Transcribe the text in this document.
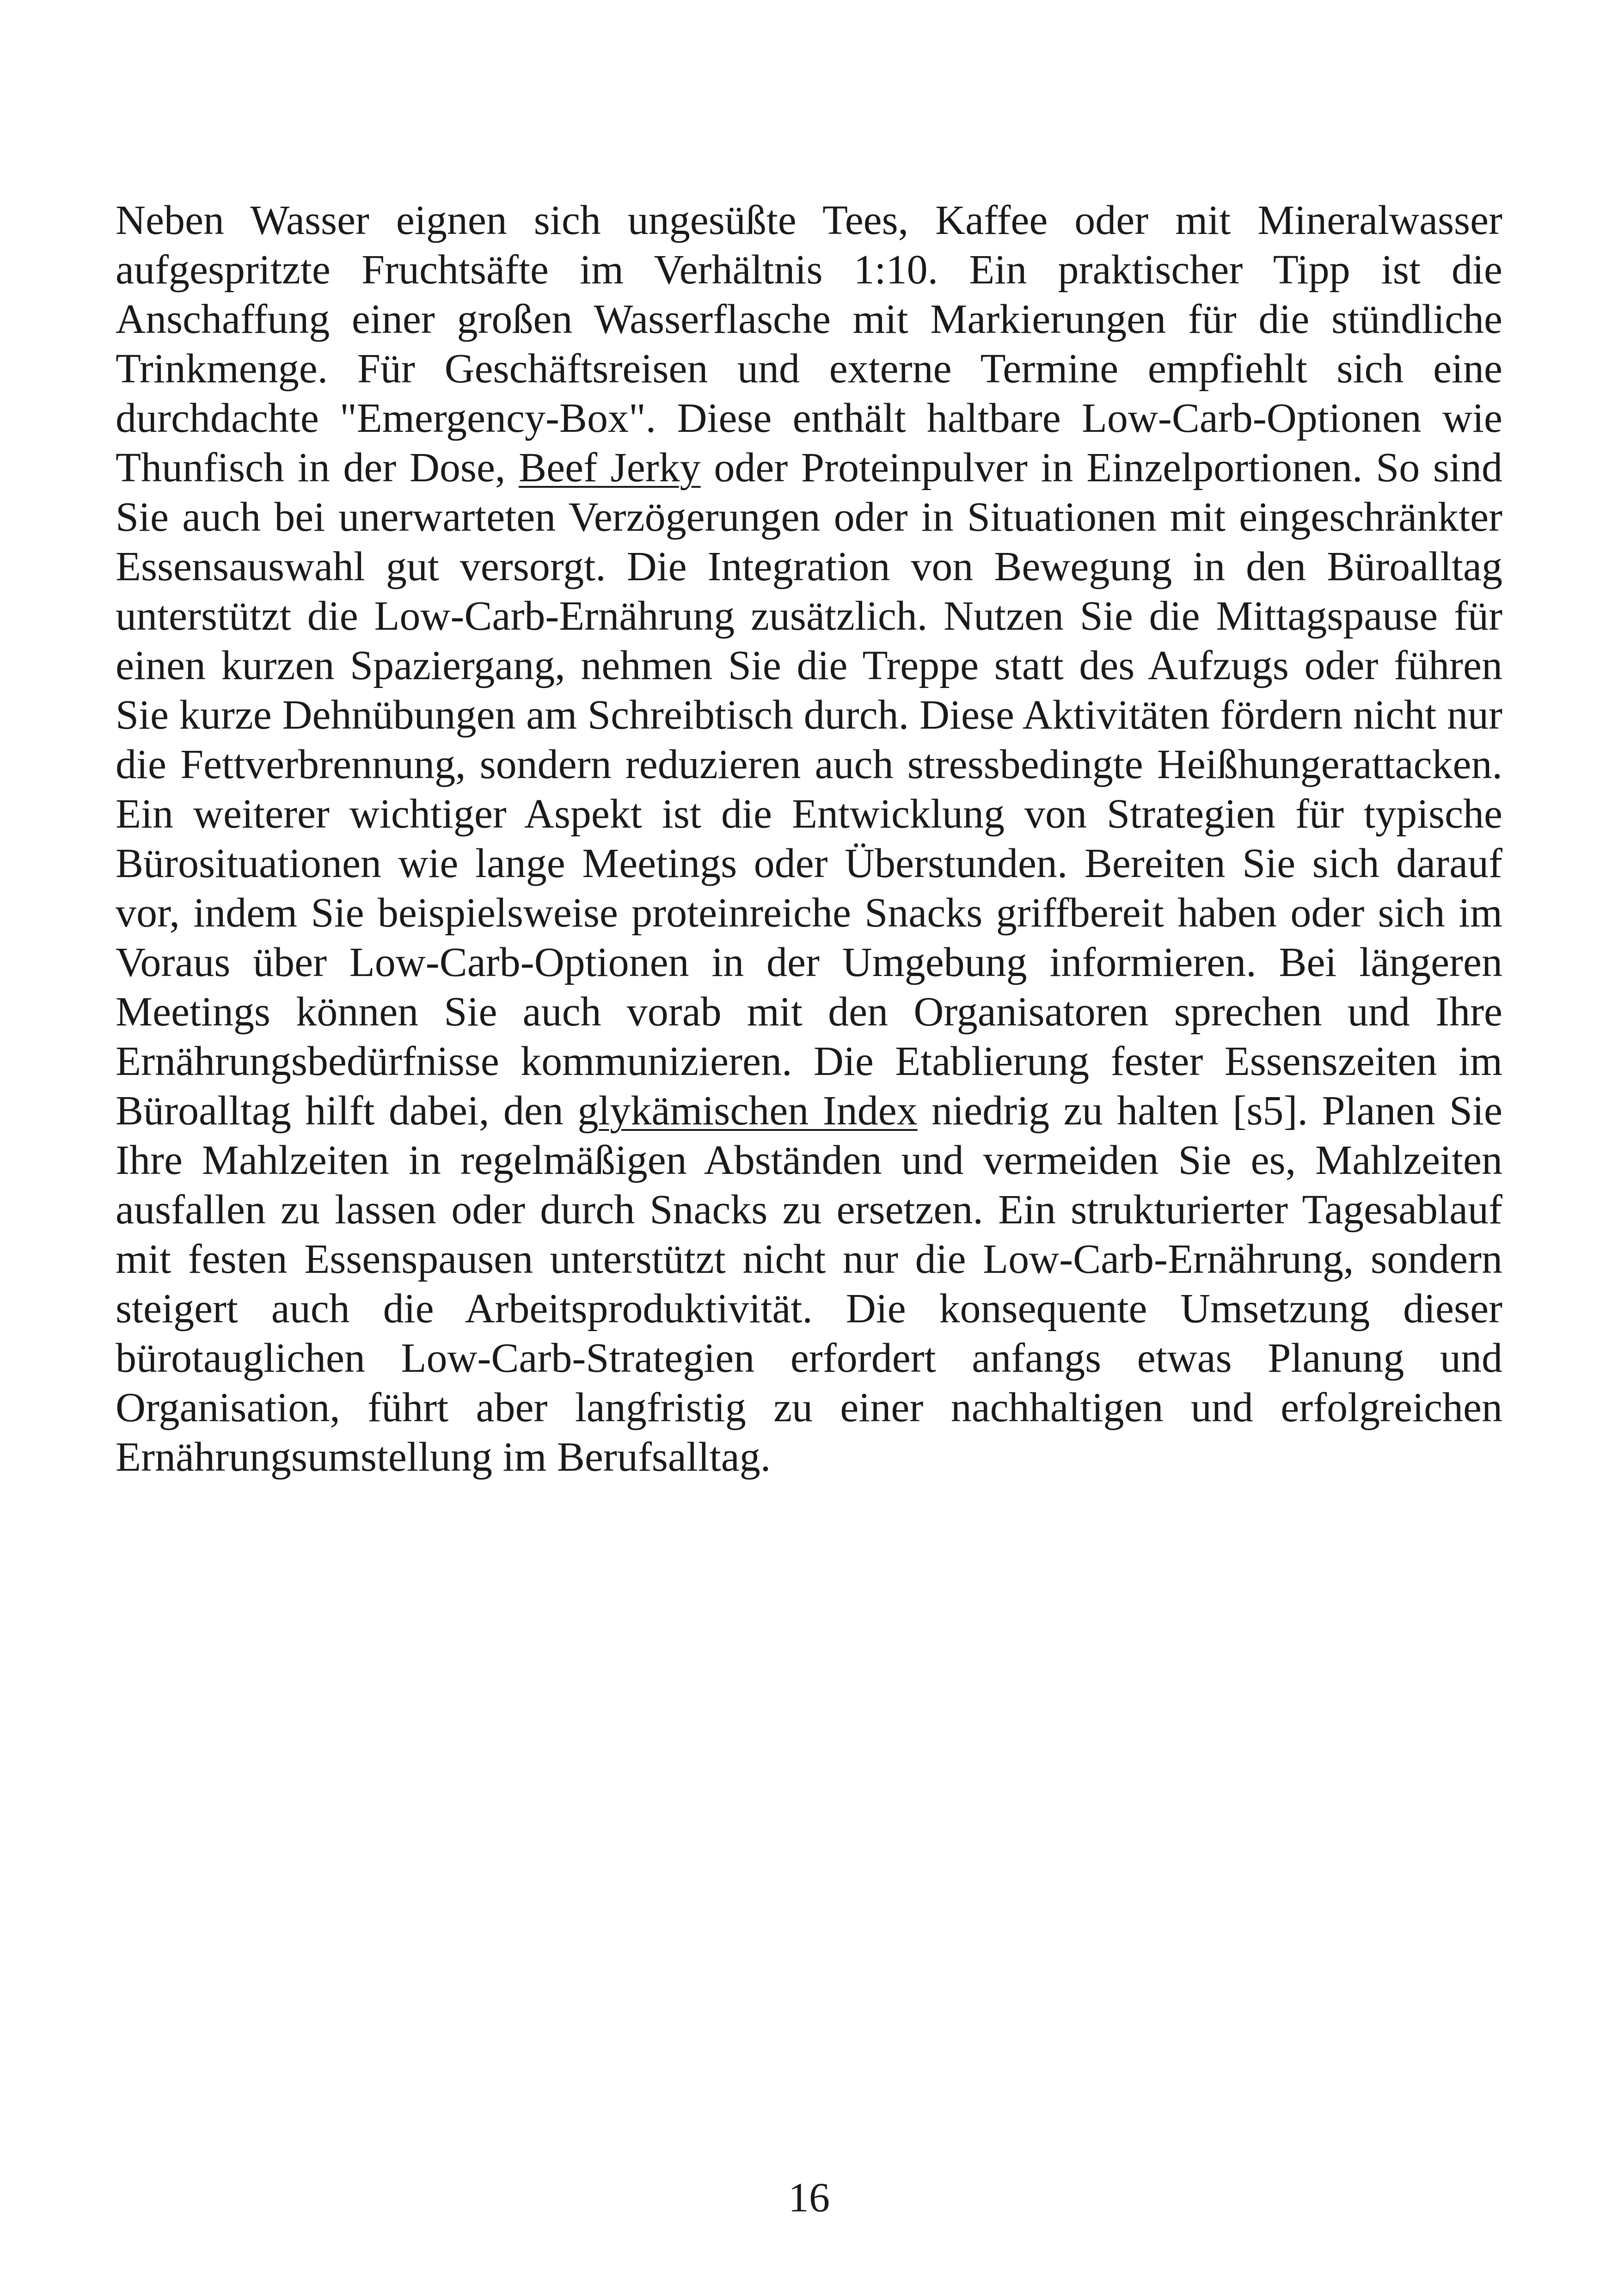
Neben Wasser eignen sich ungesüßte Tees, Kaffee oder mit Mineralwasser aufgespritzte Fruchtsäfte im Verhältnis 1:10. Ein praktischer Tipp ist die Anschaffung einer großen Wasserflasche mit Markierungen für die stündliche Trinkmenge. Für Geschäftsreisen und externe Termine empfiehlt sich eine durchdachte "Emergency-Box". Diese enthält haltbare Low-Carb-Optionen wie Thunfisch in der Dose, Beef Jerky oder Proteinpulver in Einzelportionen. So sind Sie auch bei unerwarteten Verzögerungen oder in Situationen mit eingeschränkter Essensauswahl gut versorgt. Die Integration von Bewegung in den Büroalltag unterstützt die Low-Carb-Ernährung zusätzlich. Nutzen Sie die Mittagspause für einen kurzen Spaziergang, nehmen Sie die Treppe statt des Aufzugs oder führen Sie kurze Dehnübungen am Schreibtisch durch. Diese Aktivitäten fördern nicht nur die Fettverbrennung, sondern reduzieren auch stressbedingte Heißhungerattacken. Ein weiterer wichtiger Aspekt ist die Entwicklung von Strategien für typische Bürosituationen wie lange Meetings oder Überstunden. Bereiten Sie sich darauf vor, indem Sie beispielsweise proteinreiche Snacks griffbereit haben oder sich im Voraus über Low-Carb-Optionen in der Umgebung informieren. Bei längeren Meetings können Sie auch vorab mit den Organisatoren sprechen und Ihre Ernährungsbedürfnisse kommunizieren. Die Etablierung fester Essenszeiten im Büroalltag hilft dabei, den glykämischen Index niedrig zu halten [s5]. Planen Sie Ihre Mahlzeiten in regelmäßigen Abständen und vermeiden Sie es, Mahlzeiten ausfallen zu lassen oder durch Snacks zu ersetzen. Ein strukturierter Tagesablauf mit festen Essenspausen unterstützt nicht nur die Low-Carb-Ernährung, sondern steigert auch die Arbeitsproduktivität. Die konsequente Umsetzung dieser bürotauglichen Low-Carb-Strategien erfordert anfangs etwas Planung und Organisation, führt aber langfristig zu einer nachhaltigen und erfolgreichen Ernährungsumstellung im Berufsalltag.

16
